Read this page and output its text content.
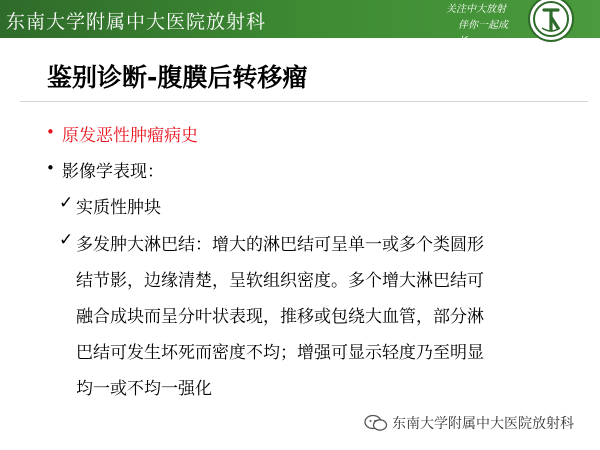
东南大学附属中大医院放射科
关注中大放射
伴你一起成长
鉴别诊断-腹膜后转移瘤
• 原发恶性肿瘤病史
• 影像学表现：
✓ 实质性肿块
✓ 多发肿大淋巴结：增大的淋巴结可呈单一或多个类圆形
结节影，边缘清楚，呈软组织密度。多个增大淋巴结可
融合成块而呈分叶状表现，推移或包绕大血管，部分淋
巴结可发生坏死而密度不均；增强可显示轻度乃至明显
均一或不均一强化
东南大学附属中大医院放射科
